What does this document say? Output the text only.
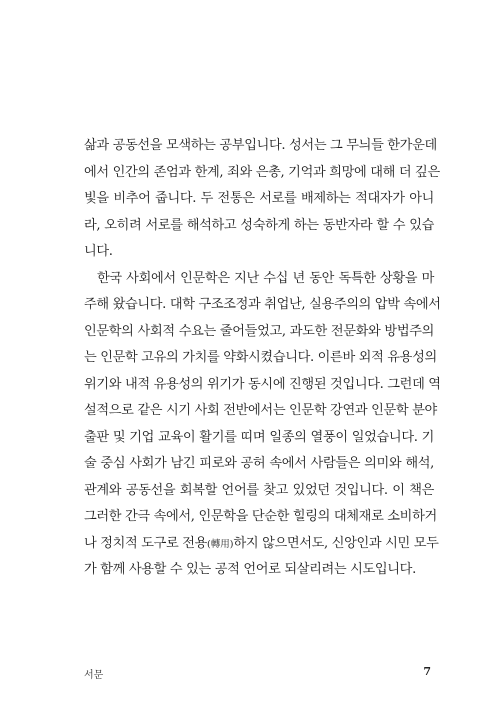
삶과 공동선을 모색하는 공부입니다. 성서는 그 무늬들 한가운데
에서 인간의 존엄과 한계, 죄와 은총, 기억과 희망에 대해 더 깊은
빛을 비추어 줍니다. 두 전통은 서로를 배제하는 적대자가 아니
라, 오히려 서로를 해석하고 성숙하게 하는 동반자라 할 수 있습
니다.
한국 사회에서 인문학은 지난 수십 년 동안 독특한 상황을 마
주해 왔습니다. 대학 구조조정과 취업난, 실용주의의 압박 속에서
인문학의 사회적 수요는 줄어들었고, 과도한 전문화와 방법주의
는 인문학 고유의 가치를 약화시켰습니다. 이른바 외적 유용성의
위기와 내적 유용성의 위기가 동시에 진행된 것입니다. 그런데 역
설적으로 같은 시기 사회 전반에서는 인문학 강연과 인문학 분야
출판 및 기업 교육이 활기를 띠며 일종의 열풍이 일었습니다. 기
술 중심 사회가 남긴 피로와 공허 속에서 사람들은 의미와 해석,
관계와 공동선을 회복할 언어를 찾고 있었던 것입니다. 이 책은
그러한 간극 속에서, 인문학을 단순한 힐링의 대체재로 소비하거
나 정치적 도구로 전용(轉用)하지 않으면서도, 신앙인과 시민 모두
가 함께 사용할 수 있는 공적 언어로 되살리려는 시도입니다.
서문	7
